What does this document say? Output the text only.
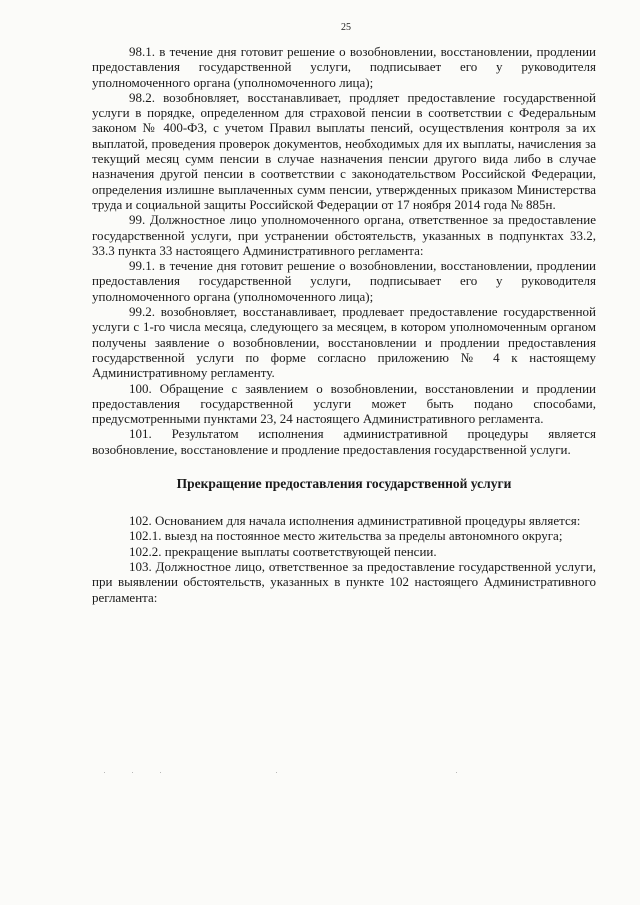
25

98.1. в течение дня готовит решение о возобновлении, восстановлении, продлении предоставления государственной услуги, подписывает его у руководителя уполномоченного органа (уполномоченного лица);

98.2. возобновляет, восстанавливает, продляет предоставление государственной услуги в порядке, определенном для страховой пенсии в соответствии с Федеральным законом № 400-ФЗ, с учетом Правил выплаты пенсий, осуществления контроля за их выплатой, проведения проверок документов, необходимых для их выплаты, начисления за текущий месяц сумм пенсии в случае назначения пенсии другого вида либо в случае назначения другой пенсии в соответствии с законодательством Российской Федерации, определения излишне выплаченных сумм пенсии, утвержденных приказом Министерства труда и социальной защиты Российской Федерации от 17 ноября 2014 года № 885н.

99. Должностное лицо уполномоченного органа, ответственное за предоставление государственной услуги, при устранении обстоятельств, указанных в подпунктах 33.2, 33.3 пункта 33 настоящего Административного регламента:

99.1. в течение дня готовит решение о возобновлении, восстановлении, продлении предоставления государственной услуги, подписывает его у руководителя уполномоченного органа (уполномоченного лица);

99.2. возобновляет, восстанавливает, продлевает предоставление государственной услуги с 1-го числа месяца, следующего за месяцем, в котором уполномоченным органом получены заявление о возобновлении, восстановлении и продлении предоставления государственной услуги по форме согласно приложению № 4 к настоящему Административному регламенту.

100. Обращение с заявлением о возобновлении, восстановлении и продлении предоставления государственной услуги может быть подано способами, предусмотренными пунктами 23, 24 настоящего Административного регламента.

101. Результатом исполнения административной процедуры является возобновление, восстановление и продление предоставления государственной услуги.

Прекращение предоставления государственной услуги

102. Основанием для начала исполнения административной процедуры является:

102.1. выезд на постоянное место жительства за пределы автономного округа;

102.2. прекращение выплаты соответствующей пенсии.

103. Должностное лицо, ответственное за предоставление государственной услуги, при выявлении обстоятельств, указанных в пункте 102 настоящего Административного регламента:
